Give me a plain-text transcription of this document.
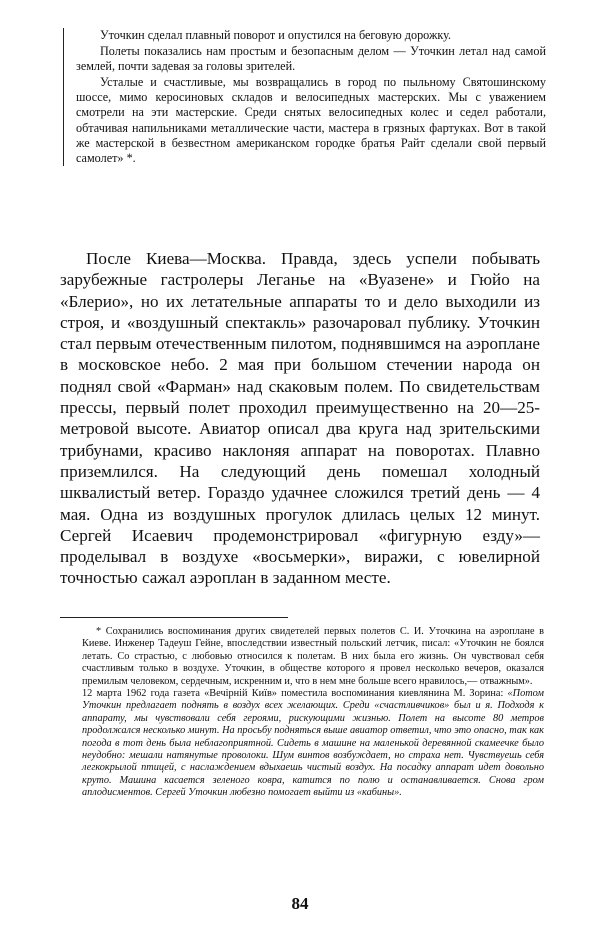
Уточкин сделал плавный поворот и опустился на беговую дорожку.

Полеты показались нам простым и безопасным делом — Уточкин летал над самой землей, почти задевая за головы зрителей.

Усталые и счастливые, мы возвращались в город по пыльному Святошинскому шоссе, мимо керосиновых складов и велосипедных мастерских. Мы с уважением смотрели на эти мастерские. Среди снятых велосипедных колес и седел работали, обтачивая напильниками металлические части, мастера в грязных фартуках. Вот в такой же мастерской в безвестном американском городке братья Райт сделали свой первый самолет» *.

После Киева—Москва. Правда, здесь успели побывать зарубежные гастролеры Леганье на «Вуазене» и Гюйо на «Блерио», но их летательные аппараты то и дело выходили из строя, и «воздушный спектакль» разочаровал публику. Уточкин стал первым отечественным пилотом, поднявшимся на аэроплане в московское небо. 2 мая при большом стечении народа он поднял свой «Фарман» над скаковым полем. По свидетельствам прессы, первый полет проходил преимущественно на 20—25-метровой высоте. Авиатор описал два круга над зрительскими трибунами, красиво наклоняя аппарат на поворотах. Плавно приземлился. На следующий день помешал холодный шквалистый ветер. Гораздо удачнее сложился третий день — 4 мая. Одна из воздушных прогулок длилась целых 12 минут. Сергей Исаевич продемонстрировал «фигурную езду»—проделывал в воздухе «восьмерки», виражи, с ювелирной точностью сажал аэроплан в заданном месте.

* Сохранились воспоминания других свидетелей первых полетов С. И. Уточкина на аэроплане в Киеве. Инженер Тадеуш Гейне, впоследствии известный польский летчик, писал: «Уточкин не боялся летать. Со страстью, с любовью относился к полетам. В них была его жизнь. Он чувствовал себя счастливым только в воздухе. Уточкин, в обществе которого я провел несколько вечеров, оказался премилым человеком, сердечным, искренним и, что в нем мне больше всего нравилось,— отважным».

12 марта 1962 года газета «Вечірній Київ» поместила воспоминания киевлянина М. Зорина: «Потом Уточкин предлагает поднять в воздух всех желающих. Среди «счастливчиков» был и я. Подходя к аппарату, мы чувствовали себя героями, рискующими жизнью. Полет на высоте 80 метров продолжался несколько минут. На просьбу подняться выше авиатор ответил, что это опасно, так как погода в тот день была неблагоприятной. Сидеть в машине на маленькой деревянной скамеечке было неудобно: мешали натянутые проволоки. Шум винтов возбуждает, но страха нет. Чувствуешь себя легкокрылой птицей, с наслаждением вдыхаешь чистый воздух. На посадку аппарат идет довольно круто. Машина касается зеленого ковра, катится по полю и останавливается. Снова гром аплодисментов. Сергей Уточкин любезно помогает выйти из «кабины».

84
